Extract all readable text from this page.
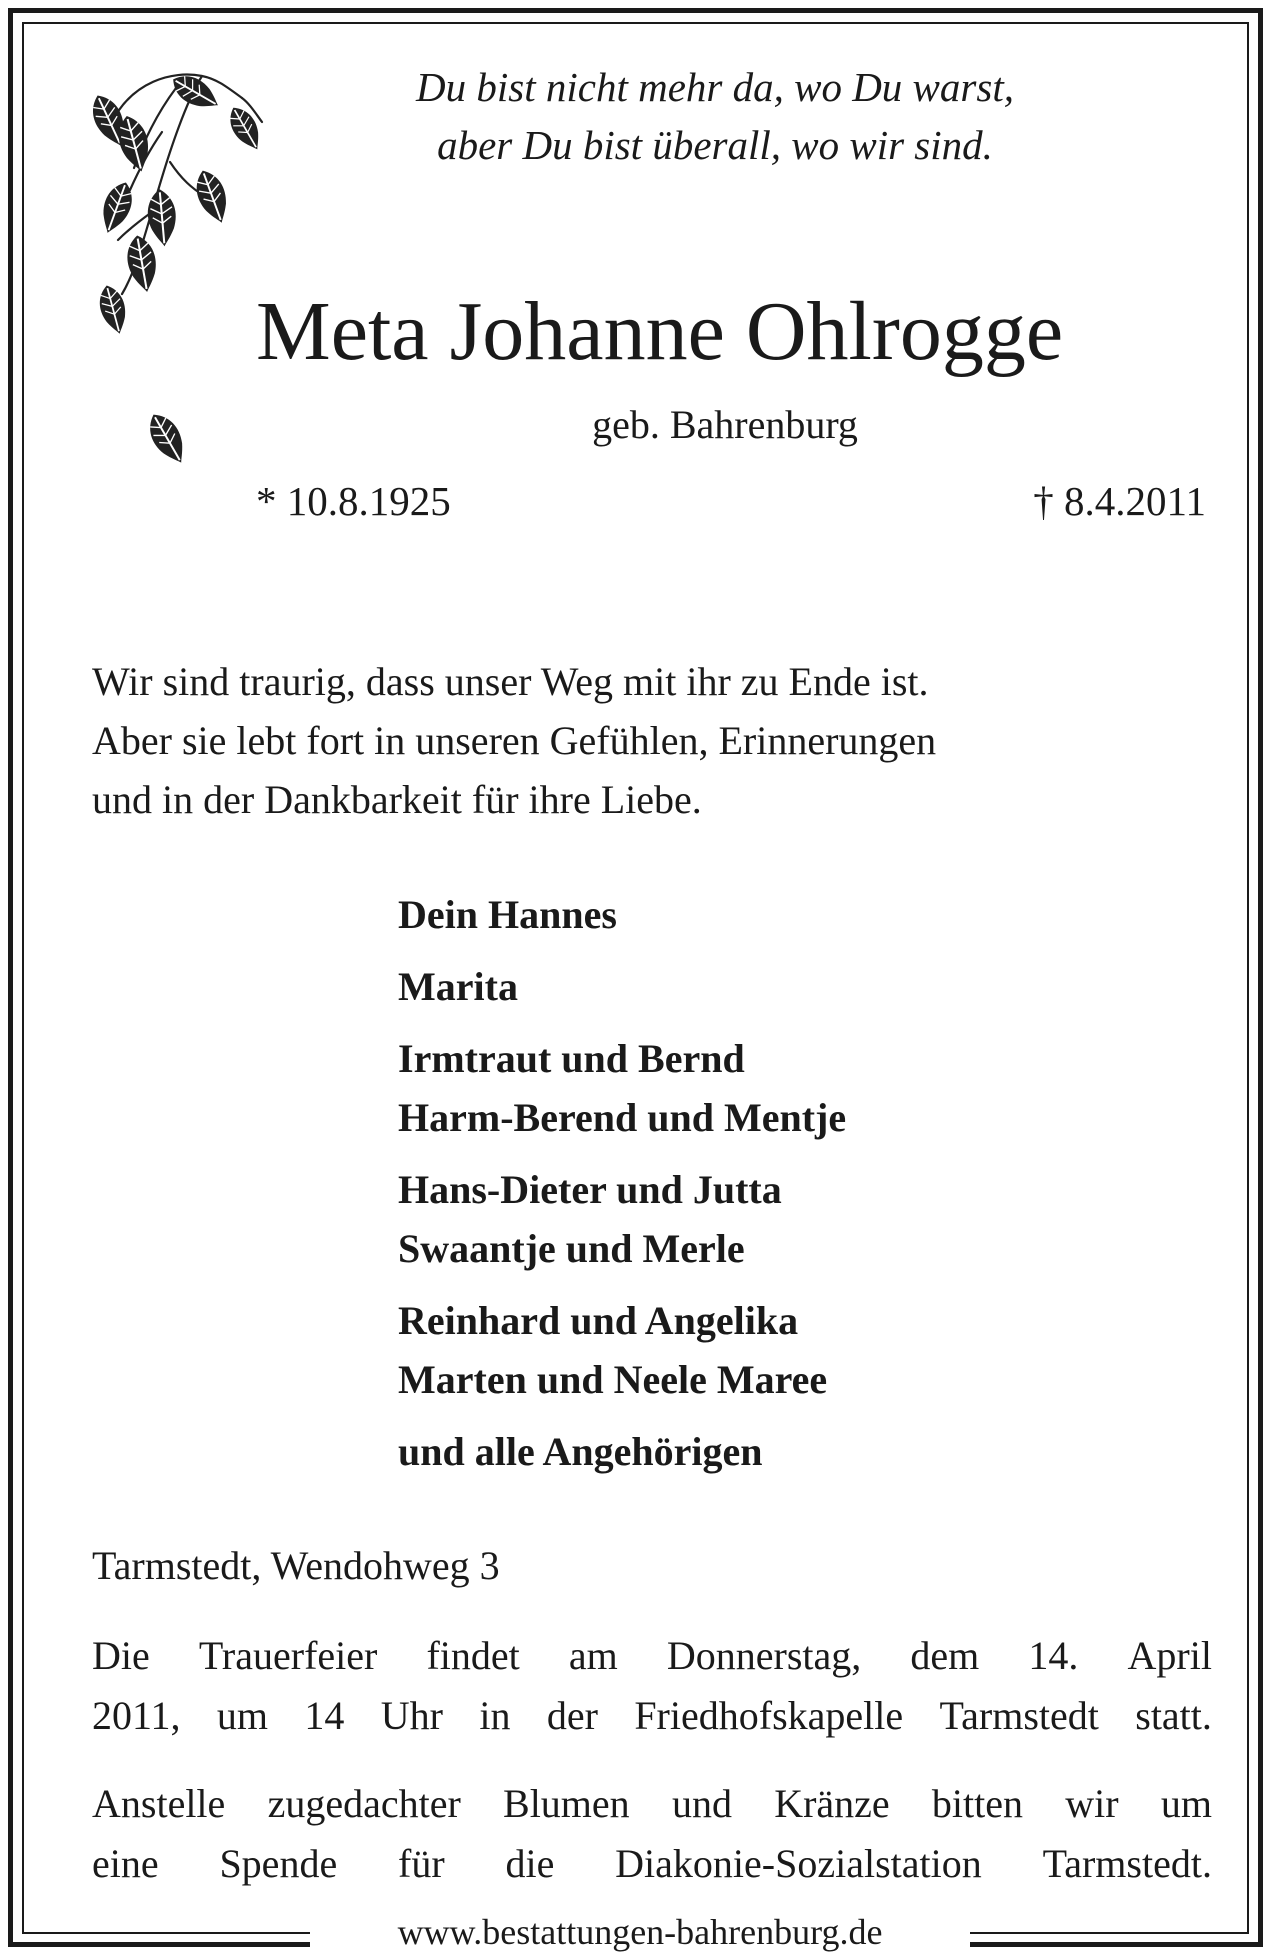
Du bist nicht mehr da, wo Du warst,
aber Du bist überall, wo wir sind.
Meta Johanne Ohlrogge
geb. Bahrenburg
* 10.8.1925	† 8.4.2011
Wir sind traurig, dass unser Weg mit ihr zu Ende ist.
Aber sie lebt fort in unseren Gefühlen, Erinnerungen
und in der Dankbarkeit für ihre Liebe.
Dein Hannes
Marita
Irmtraut und Bernd
Harm-Berend und Mentje
Hans-Dieter und Jutta
Swaantje und Merle
Reinhard und Angelika
Marten und Neele Maree
und alle Angehörigen
Tarmstedt, Wendohweg 3
Die Trauerfeier findet am Donnerstag, dem 14. April
2011, um 14 Uhr in der Friedhofskapelle Tarmstedt statt.
Anstelle zugedachter Blumen und Kränze bitten wir um
eine Spende für die Diakonie-Sozialstation Tarmstedt.
www.bestattungen-bahrenburg.de
